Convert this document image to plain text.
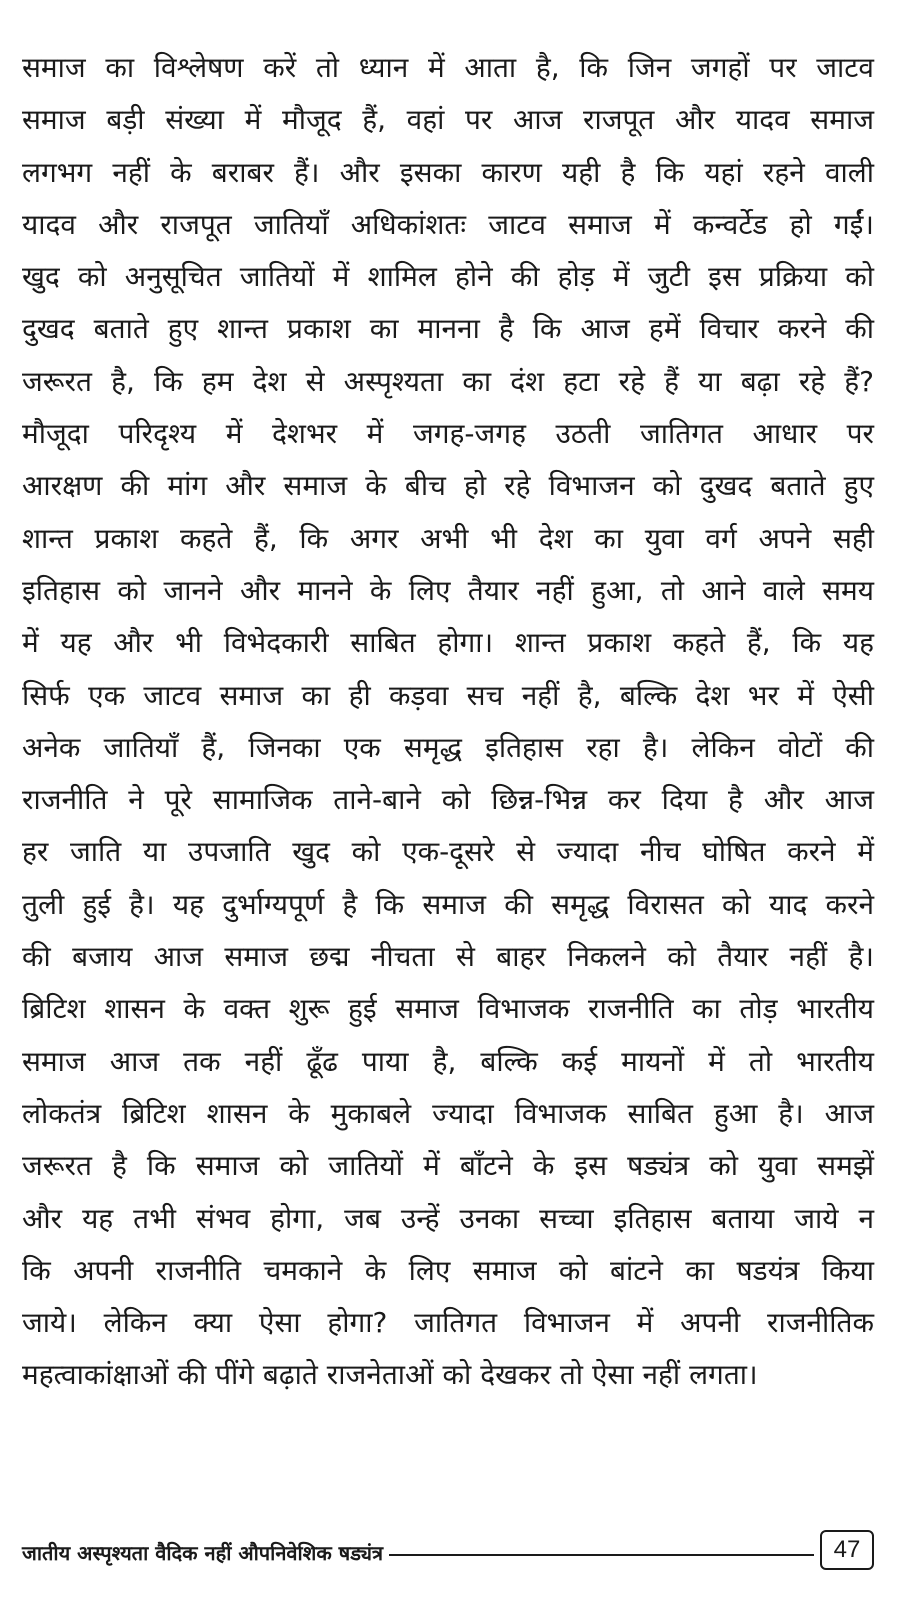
समाज का विश्लेषण करें तो ध्यान में आता है, कि जिन जगहों पर जाटव
समाज बड़ी संख्या में मौजूद हैं, वहां पर आज राजपूत और यादव समाज
लगभग नहीं के बराबर हैं। और इसका कारण यही है कि यहां रहने वाली
यादव और राजपूत जातियाँ अधिकांशतः जाटव समाज में कन्वर्टेड हो गईं।
खुद को अनुसूचित जातियों में शामिल होने की होड़ में जुटी इस प्रक्रिया को
दुखद बताते हुए शान्त प्रकाश का मानना है कि आज हमें विचार करने की
जरूरत है, कि हम देश से अस्पृश्यता का दंश हटा रहे हैं या बढ़ा रहे हैं?
मौजूदा परिदृश्य में देशभर में जगह-जगह उठती जातिगत आधार पर
आरक्षण की मांग और समाज के बीच हो रहे विभाजन को दुखद बताते हुए
शान्त प्रकाश कहते हैं, कि अगर अभी भी देश का युवा वर्ग अपने सही
इतिहास को जानने और मानने के लिए तैयार नहीं हुआ, तो आने वाले समय
में यह और भी विभेदकारी साबित होगा। शान्त प्रकाश कहते हैं, कि यह
सिर्फ एक जाटव समाज का ही कड़वा सच नहीं है, बल्कि देश भर में ऐसी
अनेक जातियाँ हैं, जिनका एक समृद्ध इतिहास रहा है। लेकिन वोटों की
राजनीति ने पूरे सामाजिक ताने-बाने को छिन्न-भिन्न कर दिया है और आज
हर जाति या उपजाति खुद को एक-दूसरे से ज्यादा नीच घोषित करने में
तुली हुई है। यह दुर्भाग्यपूर्ण है कि समाज की समृद्ध विरासत को याद करने
की बजाय आज समाज छद्म नीचता से बाहर निकलने को तैयार नहीं है।
ब्रिटिश शासन के वक्त शुरू हुई समाज विभाजक राजनीति का तोड़ भारतीय
समाज आज तक नहीं ढूँढ पाया है, बल्कि कई मायनों में तो भारतीय
लोकतंत्र ब्रिटिश शासन के मुकाबले ज्यादा विभाजक साबित हुआ है। आज
जरूरत है कि समाज को जातियों में बाँटने के इस षड्यंत्र को युवा समझें
और यह तभी संभव होगा, जब उन्हें उनका सच्चा इतिहास बताया जाये न
कि अपनी राजनीति चमकाने के लिए समाज को बांटने का षडयंत्र किया
जाये। लेकिन क्या ऐसा होगा? जातिगत विभाजन में अपनी राजनीतिक
महत्वाकांक्षाओं की पींगे बढ़ाते राजनेताओं को देखकर तो ऐसा नहीं लगता।
जातीय अस्पृश्यता वैदिक नहीं औपनिवेशिक षड्यंत्र	47
